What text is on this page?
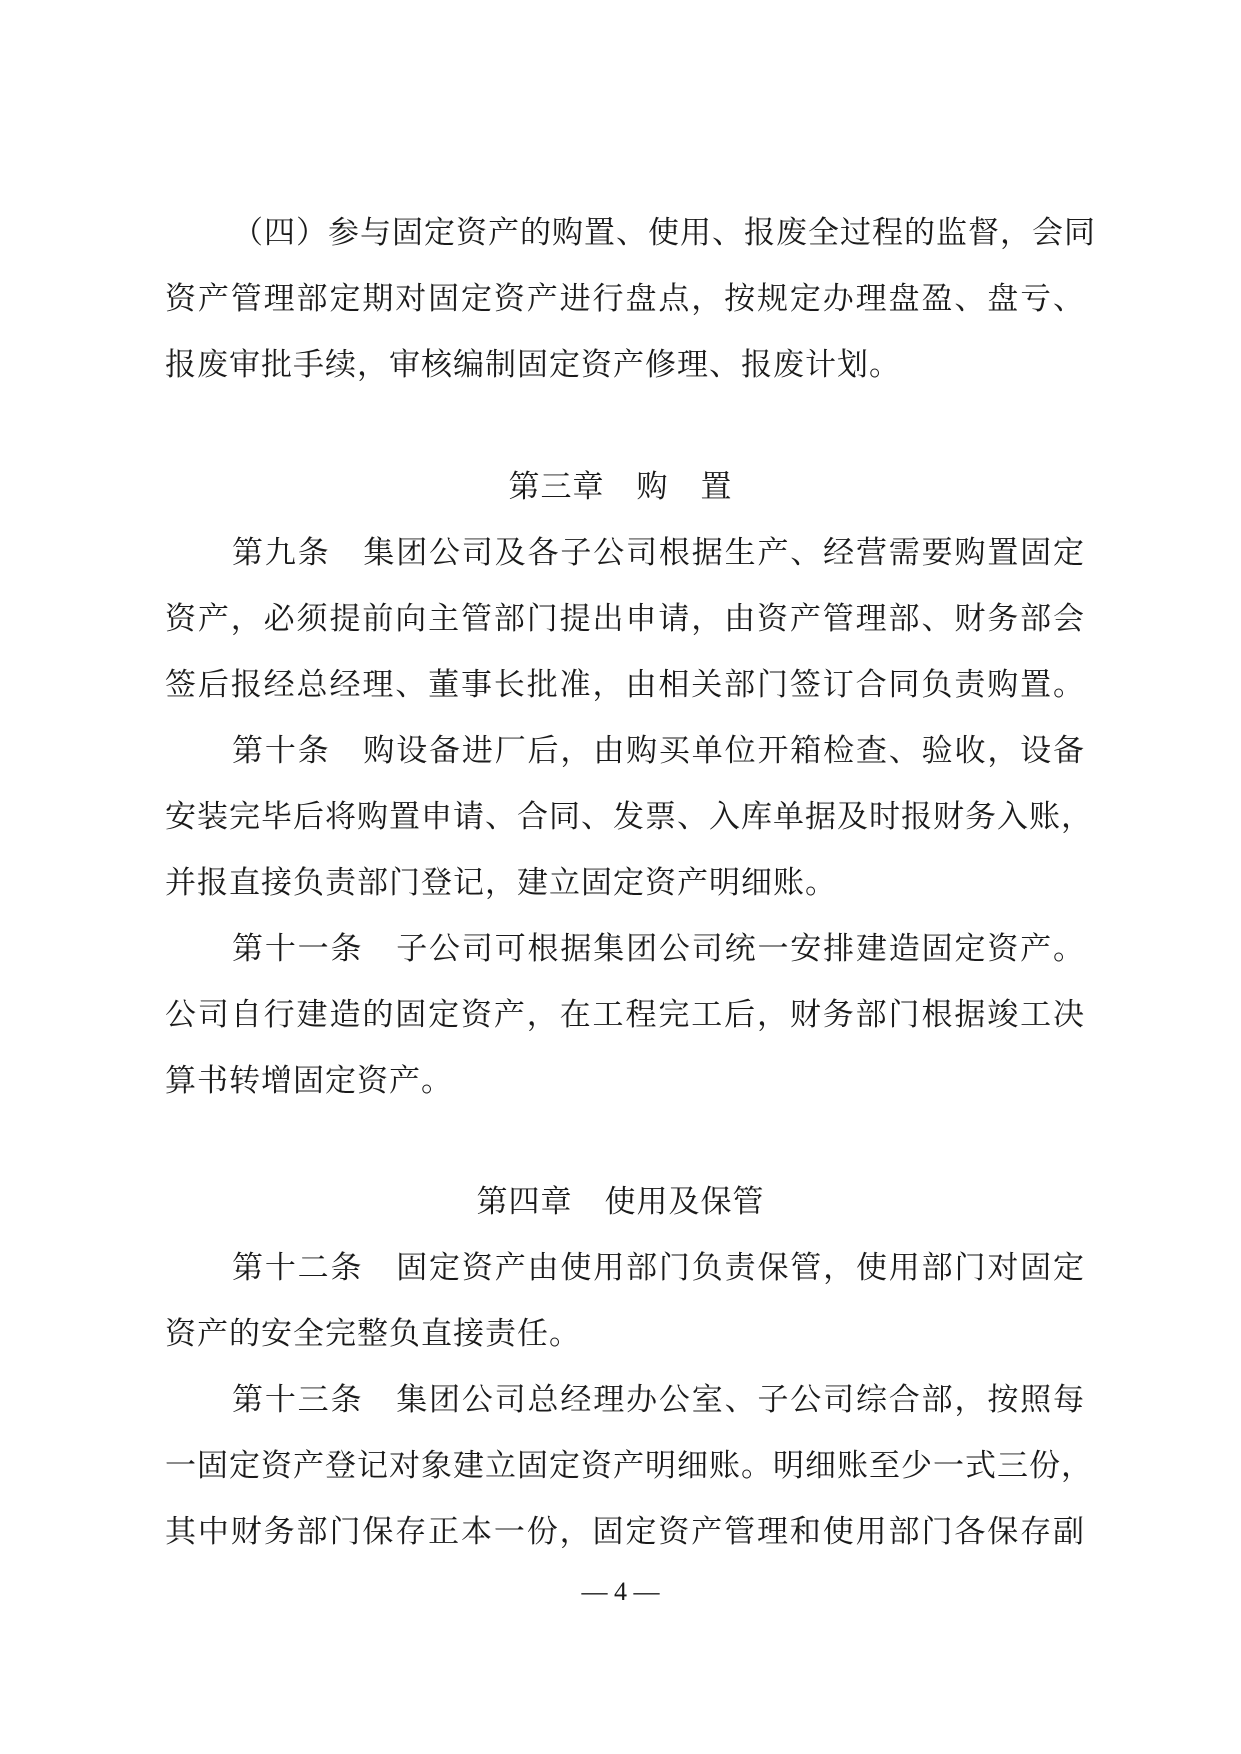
（四）参与固定资产的购置、使用、报废全过程的监督，会同
资产管理部定期对固定资产进行盘点，按规定办理盘盈、盘亏、
报废审批手续，审核编制固定资产修理、报废计划。
第三章　购　置
第九条　集团公司及各子公司根据生产、经营需要购置固定
资产，必须提前向主管部门提出申请，由资产管理部、财务部会
签后报经总经理、董事长批准，由相关部门签订合同负责购置。
第十条　购设备进厂后，由购买单位开箱检查、验收，设备
安装完毕后将购置申请、合同、发票、入库单据及时报财务入账，
并报直接负责部门登记，建立固定资产明细账。
第十一条　子公司可根据集团公司统一安排建造固定资产。
公司自行建造的固定资产，在工程完工后，财务部门根据竣工决
算书转增固定资产。
第四章　使用及保管
第十二条　固定资产由使用部门负责保管，使用部门对固定
资产的安全完整负直接责任。
第十三条　集团公司总经理办公室、子公司综合部，按照每
一固定资产登记对象建立固定资产明细账。明细账至少一式三份，
其中财务部门保存正本一份，固定资产管理和使用部门各保存副
— 4 —
